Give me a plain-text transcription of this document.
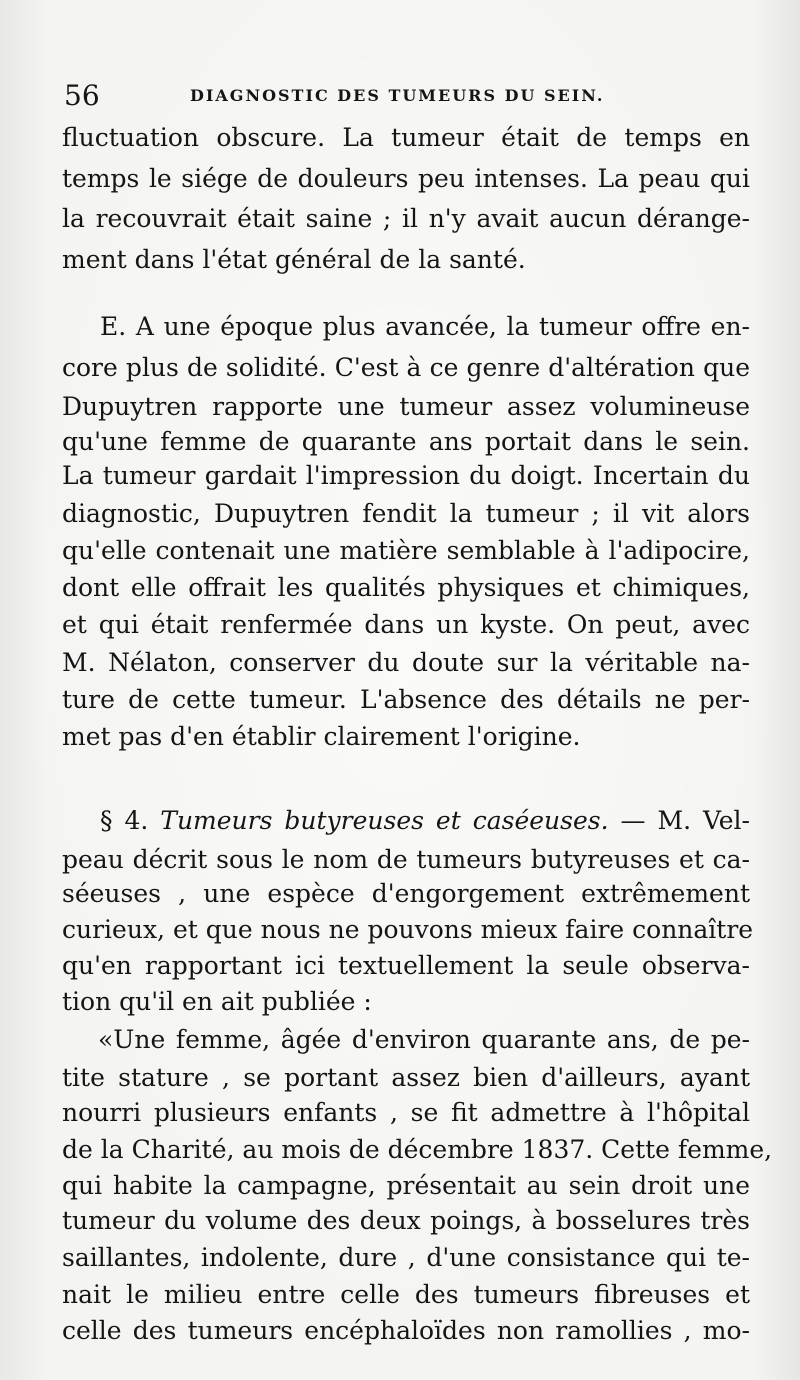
56	DIAGNOSTIC DES TUMEURS DU SEIN.
fluctuation obscure. La tumeur était de temps en
temps le siége de douleurs peu intenses. La peau qui
la recouvrait était saine ; il n'y avait aucun dérange-
ment dans l'état général de la santé.
E. A une époque plus avancée, la tumeur offre en-
core plus de solidité. C'est à ce genre d'altération que
Dupuytren rapporte une tumeur assez volumineuse
qu'une femme de quarante ans portait dans le sein.
La tumeur gardait l'impression du doigt. Incertain du
diagnostic, Dupuytren fendit la tumeur ; il vit alors
qu'elle contenait une matière semblable à l'adipocire,
dont elle offrait les qualités physiques et chimiques,
et qui était renfermée dans un kyste. On peut, avec
M. Nélaton, conserver du doute sur la véritable na-
ture de cette tumeur. L'absence des détails ne per-
met pas d'en établir clairement l'origine.
§ 4. Tumeurs butyreuses et caséeuses. — M. Vel-
peau décrit sous le nom de tumeurs butyreuses et ca-
séeuses , une espèce d'engorgement extrêmement
curieux, et que nous ne pouvons mieux faire connaître
qu'en rapportant ici textuellement la seule observa-
tion qu'il en ait publiée :
«Une femme, âgée d'environ quarante ans, de pe-
tite stature , se portant assez bien d'ailleurs, ayant
nourri plusieurs enfants , se fit admettre à l'hôpital
de la Charité, au mois de décembre 1837. Cette femme,
qui habite la campagne, présentait au sein droit une
tumeur du volume des deux poings, à bosselures très
saillantes, indolente, dure , d'une consistance qui te-
nait le milieu entre celle des tumeurs fibreuses et
celle des tumeurs encéphaloïdes non ramollies , mo-
